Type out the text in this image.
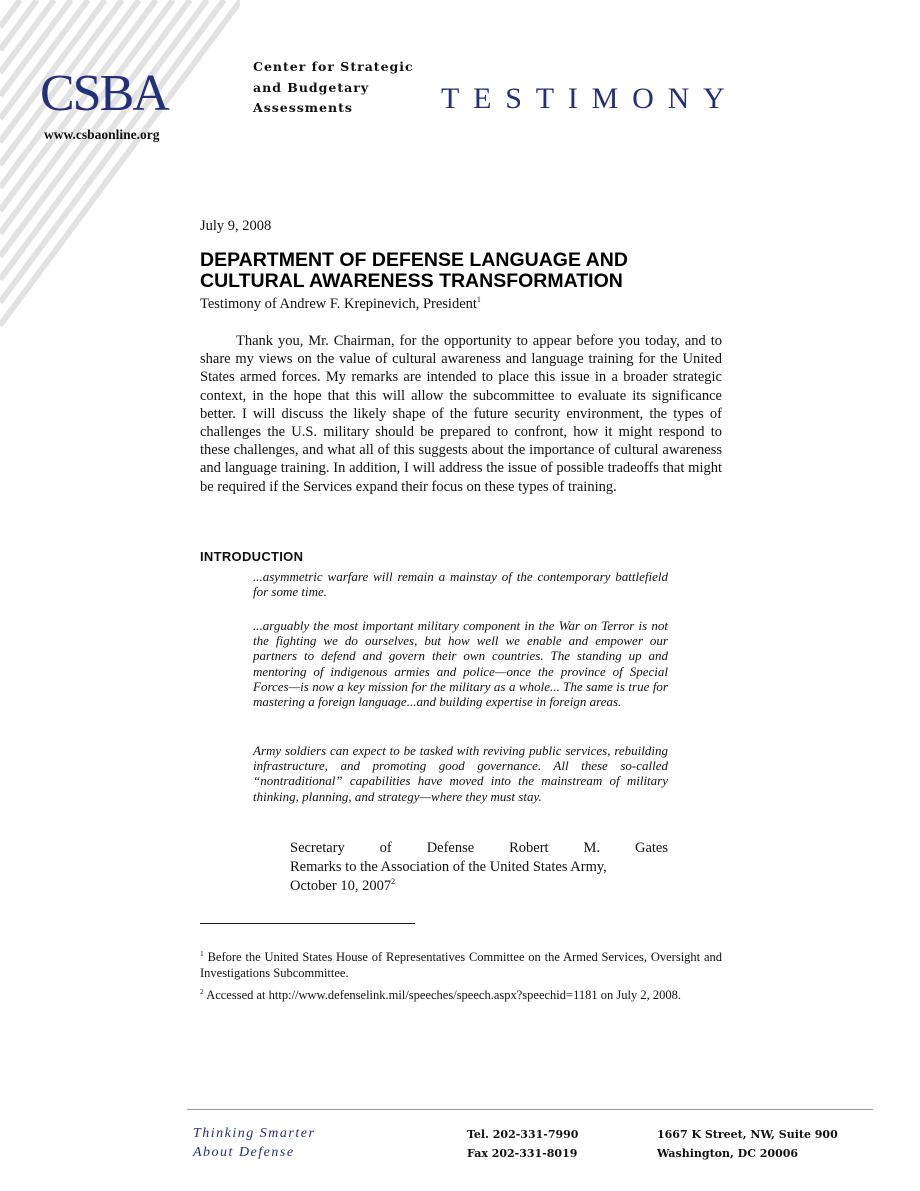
CSBA
www.csbaonline.org
Center for Strategic
and Budgetary
Assessments	TESTIMONY
July 9, 2008
DEPARTMENT OF DEFENSE LANGUAGE AND
CULTURAL AWARENESS TRANSFORMATION
Testimony of Andrew F. Krepinevich, President$^1$

Thank you, Mr. Chairman, for the opportunity to appear before you today, and to share my views on the value of cultural awareness and language training for the United States armed forces. My remarks are intended to place this issue in a broader strategic context, in the hope that this will allow the subcommittee to evaluate its significance better. I will discuss the likely shape of the future security environment, the types of challenges the U.S. military should be prepared to confront, how it might respond to these challenges, and what all of this suggests about the importance of cultural awareness and language training. In addition, I will address the issue of possible tradeoffs that might be required if the Services expand their focus on these types of training.

INTRODUCTION

...asymmetric warfare will remain a mainstay of the contemporary battlefield for some time.

...arguably the most important military component in the War on Terror is not the fighting we do ourselves, but how well we enable and empower our partners to defend and govern their own countries. The standing up and mentoring of indigenous armies and police—once the province of Special Forces—is now a key mission for the military as a whole... The same is true for mastering a foreign language...and building expertise in foreign areas.

Army soldiers can expect to be tasked with reviving public services, rebuilding infrastructure, and promoting good governance. All these so-called “nontraditional” capabilities have moved into the mainstream of military thinking, planning, and strategy—where they must stay.

Secretary of Defense Robert M. Gates
Remarks to the Association of the United States Army,
October 10, 2007$^2$

$^1$ Before the United States House of Representatives Committee on the Armed Services, Oversight and Investigations Subcommittee.

$^2$ Accessed at http://www.defenselink.mil/speeches/speech.aspx?speechid=1181 on July 2, 2008.

Thinking Smarter
About Defense
Tel. 202-331-7990
Fax 202-331-8019
1667 K Street, NW, Suite 900
Washington, DC 20006
